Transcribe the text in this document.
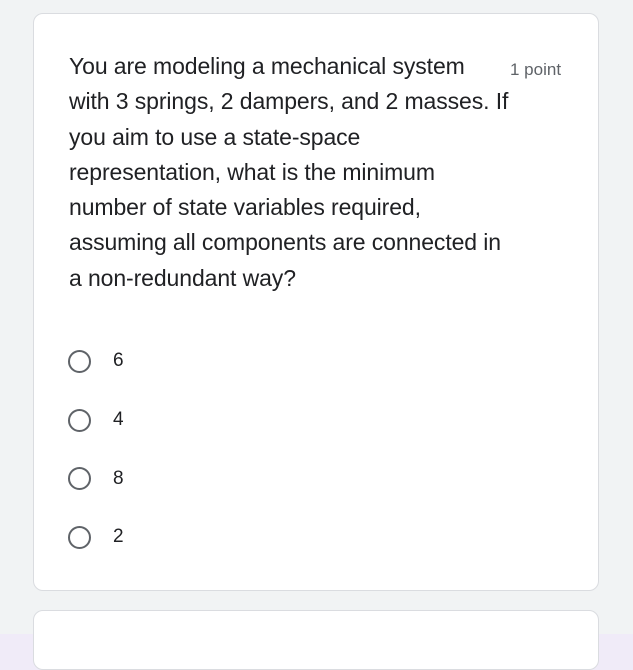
You are modeling a mechanical system with 3 springs, 2 dampers, and 2 masses. If you aim to use a state-space representation, what is the minimum number of state variables required, assuming all components are connected in a non-redundant way?
1 point
6
4
8
2
